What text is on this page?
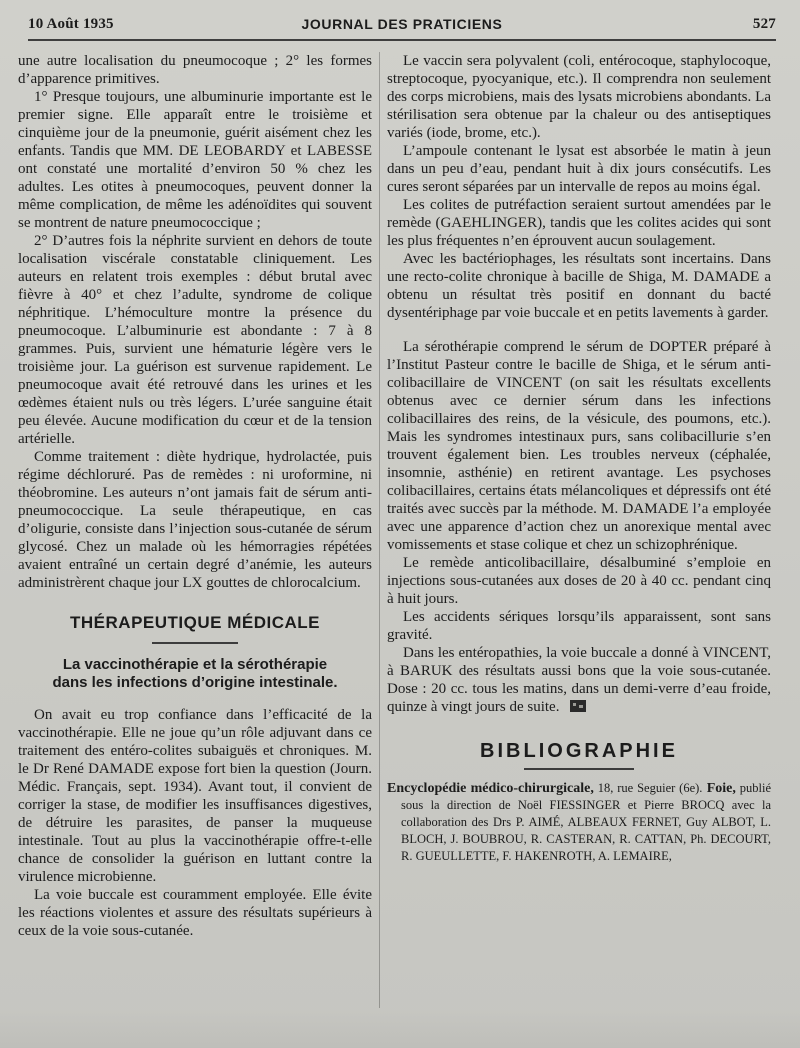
10 Août 1935	JOURNAL DES PRATICIENS	527

une autre localisation du pneumocoque ; 2° les formes d’apparence primitives.

1° Presque toujours, une albuminurie importante est le premier signe. Elle apparaît entre le troisième et cinquième jour de la pneumonie, guérit aisément chez les enfants. Tandis que MM. DE LEOBARDY et LABESSE ont constaté une mortalité d’environ 50 % chez les adultes. Les otites à pneumocoques, peuvent donner la même complication, de même les adénoïdites qui souvent se montrent de nature pneumococcique ;

2° D’autres fois la néphrite survient en dehors de toute localisation viscérale constatable cliniquement. Les auteurs en relatent trois exemples : début brutal avec fièvre à 40° et chez l’adulte, syndrome de colique néphritique. L’hémoculture montre la présence du pneumocoque. L’albuminurie est abondante : 7 à 8 grammes. Puis, survient une hématurie légère vers le troisième jour. La guérison est survenue rapidement. Le pneumocoque avait été retrouvé dans les urines et les œdèmes étaient nuls ou très légers. L’urée sanguine était peu élevée. Aucune modification du cœur et de la tension artérielle.

Comme traitement : diète hydrique, hydrolactée, puis régime déchloruré. Pas de remèdes : ni uroformine, ni théobromine. Les auteurs n’ont jamais fait de sérum anti-pneumococcique. La seule thérapeutique, en cas d’oligurie, consiste dans l’injection sous-cutanée de sérum glycosé. Chez un malade où les hémorragies répétées avaient entraîné un certain degré d’anémie, les auteurs administrèrent chaque jour LX gouttes de chlorocalcium.

THÉRAPEUTIQUE MÉDICALE
La vaccinothérapie et la sérothérapie
dans les infections d’origine intestinale.

On avait eu trop confiance dans l’efficacité de la vaccinothérapie. Elle ne joue qu’un rôle adjuvant dans ce traitement des entéro-colites subaiguës et chroniques. M. le Dr René DAMADE expose fort bien la question (Journ. Médic. Français, sept. 1934). Avant tout, il convient de corriger la stase, de modifier les insuffisances digestives, de détruire les parasites, de panser la muqueuse intestinale. Tout au plus la vaccinothérapie offre-t-elle chance de consolider la guérison en luttant contre la virulence microbienne.

La voie buccale est couramment employée. Elle évite les réactions violentes et assure des résultats supérieurs à ceux de la voie sous-cutanée.

Le vaccin sera polyvalent (coli, entérocoque, staphylocoque, streptocoque, pyocyanique, etc.). Il comprendra non seulement des corps microbiens, mais des lysats microbiens abondants. La stérilisation sera obtenue par la chaleur ou des antiseptiques variés (iode, brome, etc.).

L’ampoule contenant le lysat est absorbée le matin à jeun dans un peu d’eau, pendant huit à dix jours consécutifs. Les cures seront séparées par un intervalle de repos au moins égal.

Les colites de putréfaction seraient surtout amendées par le remède (GAEHLINGER), tandis que les colites acides qui sont les plus fréquentes n’en éprouvent aucun soulagement.

Avec les bactériophages, les résultats sont incertains. Dans une recto-colite chronique à bacille de Shiga, M. DAMADE a obtenu un résultat très positif en donnant du bacté dysentériphage par voie buccale et en petits lavements à garder.

La sérothérapie comprend le sérum de DOPTER préparé à l’Institut Pasteur contre le bacille de Shiga, et le sérum anti-colibacillaire de VINCENT (on sait les résultats excellents obtenus avec ce dernier sérum dans les infections colibacillaires des reins, de la vésicule, des poumons, etc.). Mais les syndromes intestinaux purs, sans colibacillurie s’en trouvent également bien. Les troubles nerveux (céphalée, insomnie, asthénie) en retirent avantage. Les psychoses colibacillaires, certains états mélancoliques et dépressifs ont été traités avec succès par la méthode. M. DAMADE l’a employée avec une apparence d’action chez un anorexique mental avec vomissements et stase colique et chez un schizophrénique.

Le remède anticolibacillaire, désalbuminé s’emploie en injections sous-cutanées aux doses de 20 à 40 cc. pendant cinq à huit jours.

Les accidents sériques lorsqu’ils apparaissent, sont sans gravité.

Dans les entéropathies, la voie buccale a donné à VINCENT, à BARUK des résultats aussi bons que la voie sous-cutanée. Dose : 20 cc. tous les matins, dans un demi-verre d’eau froide, quinze à vingt jours de suite.

BIBLIOGRAPHIE

Encyclopédie médico-chirurgicale, 18, rue Seguier (6e). Foie, publié sous la direction de Noël FIESSINGER et Pierre BROCQ avec la collaboration des Drs P. AIMÉ, ALBEAUX FERNET, Guy ALBOT, L. BLOCH, J. BOUBROU, R. CASTERAN, R. CATTAN, Ph. DECOURT, R. GUEULLETTE, F. HAKENROTH, A. LEMAIRE,
